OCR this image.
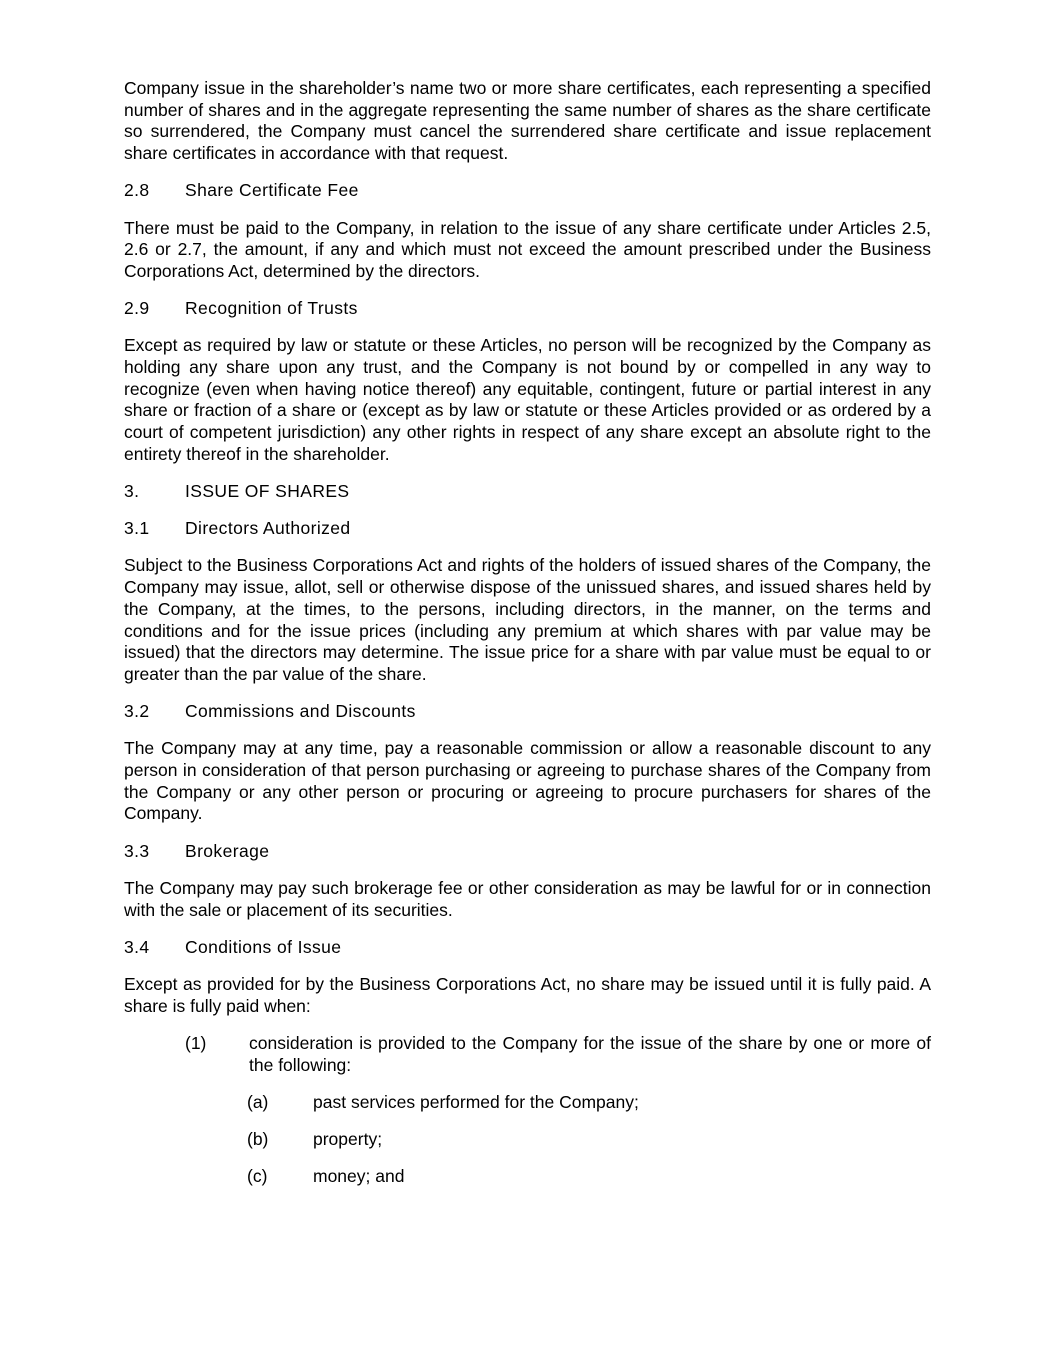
Company issue in the shareholder’s name two or more share certificates, each representing a specified number of shares and in the aggregate representing the same number of shares as the share certificate so surrendered, the Company must cancel the surrendered share certificate and issue replacement share certificates in accordance with that request.

2.8	Share Certificate Fee

There must be paid to the Company, in relation to the issue of any share certificate under Articles 2.5, 2.6 or 2.7, the amount, if any and which must not exceed the amount prescribed under the Business Corporations Act, determined by the directors.

2.9	Recognition of Trusts

Except as required by law or statute or these Articles, no person will be recognized by the Company as holding any share upon any trust, and the Company is not bound by or compelled in any way to recognize (even when having notice thereof) any equitable, contingent, future or partial interest in any share or fraction of a share or (except as by law or statute or these Articles provided or as ordered by a court of competent jurisdiction) any other rights in respect of any share except an absolute right to the entirety thereof in the shareholder.

3.	ISSUE OF SHARES
3.1	Directors Authorized

Subject to the Business Corporations Act and rights of the holders of issued shares of the Company, the Company may issue, allot, sell or otherwise dispose of the unissued shares, and issued shares held by the Company, at the times, to the persons, including directors, in the manner, on the terms and conditions and for the issue prices (including any premium at which shares with par value may be issued) that the directors may determine. The issue price for a share with par value must be equal to or greater than the par value of the share.

3.2	Commissions and Discounts

The Company may at any time, pay a reasonable commission or allow a reasonable discount to any person in consideration of that person purchasing or agreeing to purchase shares of the Company from the Company or any other person or procuring or agreeing to procure purchasers for shares of the Company.

3.3	Brokerage

The Company may pay such brokerage fee or other consideration as may be lawful for or in connection with the sale or placement of its securities.

3.4	Conditions of Issue

Except as provided for by the Business Corporations Act, no share may be issued until it is fully paid. A share is fully paid when:

(1)	consideration is provided to the Company for the issue of the share by one or more of the following:
(a)	past services performed for the Company;
(b)	property;
(c)	money; and
